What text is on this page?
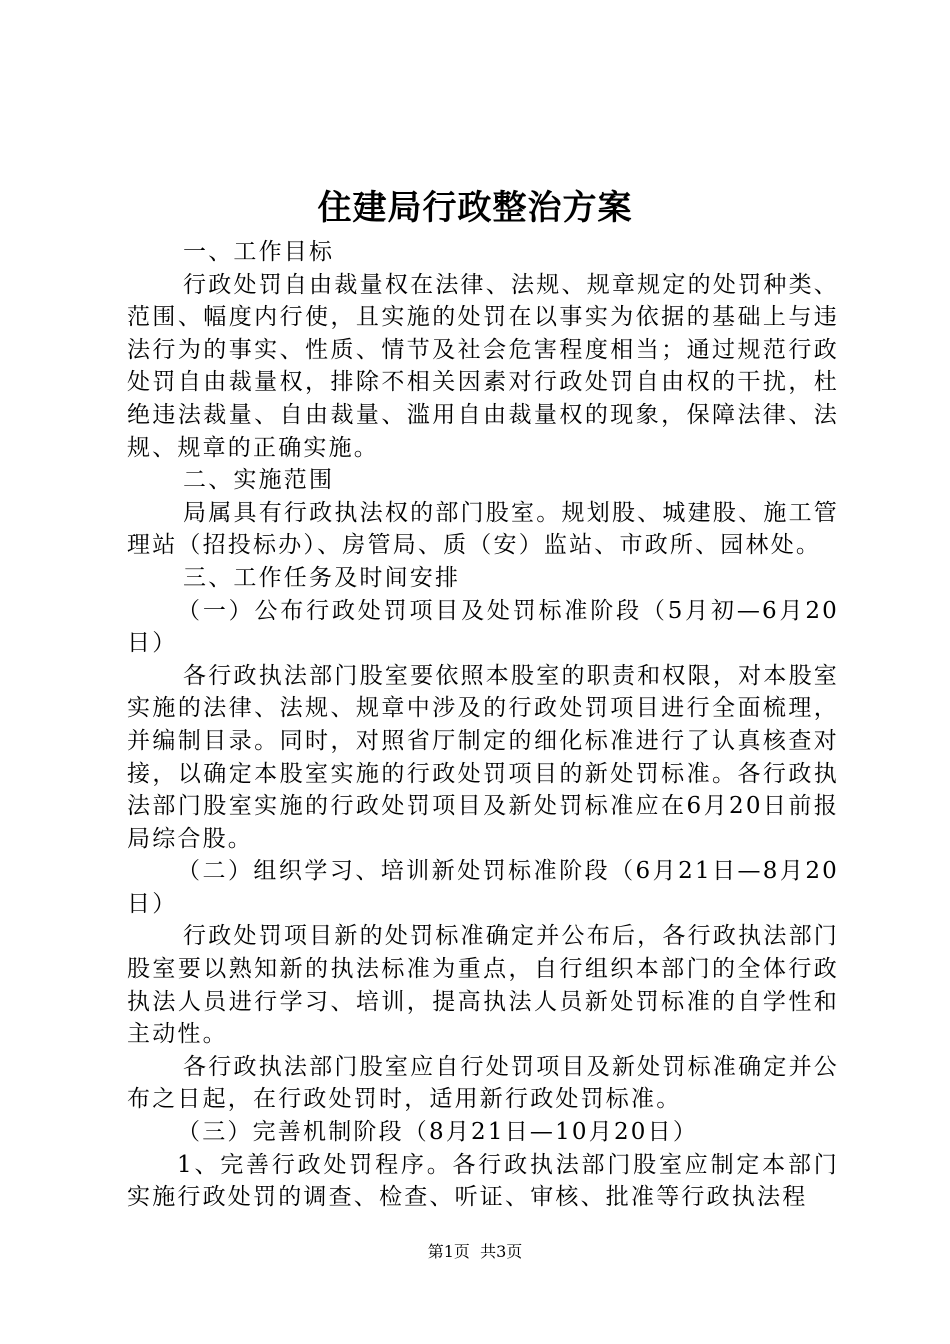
住建局行政整治方案

一、工作目标

行政处罚自由裁量权在法律、法规、规章规定的处罚种类、范围、幅度内行使，且实施的处罚在以事实为依据的基础上与违法行为的事实、性质、情节及社会危害程度相当；通过规范行政处罚自由裁量权，排除不相关因素对行政处罚自由权的干扰，杜绝违法裁量、自由裁量、滥用自由裁量权的现象，保障法律、法规、规章的正确实施。

二、实施范围

局属具有行政执法权的部门股室。规划股、城建股、施工管理站（招投标办）、房管局、质（安）监站、市政所、园林处。

三、工作任务及时间安排

（一）公布行政处罚项目及处罚标准阶段（5月初—6月20日）

各行政执法部门股室要依照本股室的职责和权限，对本股室实施的法律、法规、规章中涉及的行政处罚项目进行全面梳理，并编制目录。同时，对照省厅制定的细化标准进行了认真核查对接，以确定本股室实施的行政处罚项目的新处罚标准。各行政执法部门股室实施的行政处罚项目及新处罚标准应在6月20日前报局综合股。

（二）组织学习、培训新处罚标准阶段（6月21日—8月20日）

行政处罚项目新的处罚标准确定并公布后，各行政执法部门股室要以熟知新的执法标准为重点，自行组织本部门的全体行政执法人员进行学习、培训，提高执法人员新处罚标准的自学性和主动性。

各行政执法部门股室应自行处罚项目及新处罚标准确定并公布之日起，在行政处罚时，适用新行政处罚标准。

（三）完善机制阶段（8月21日—10月20日）

1、完善行政处罚程序。各行政执法部门股室应制定本部门实施行政处罚的调查、检查、听证、审核、批准等行政执法程

第1页  共3页
